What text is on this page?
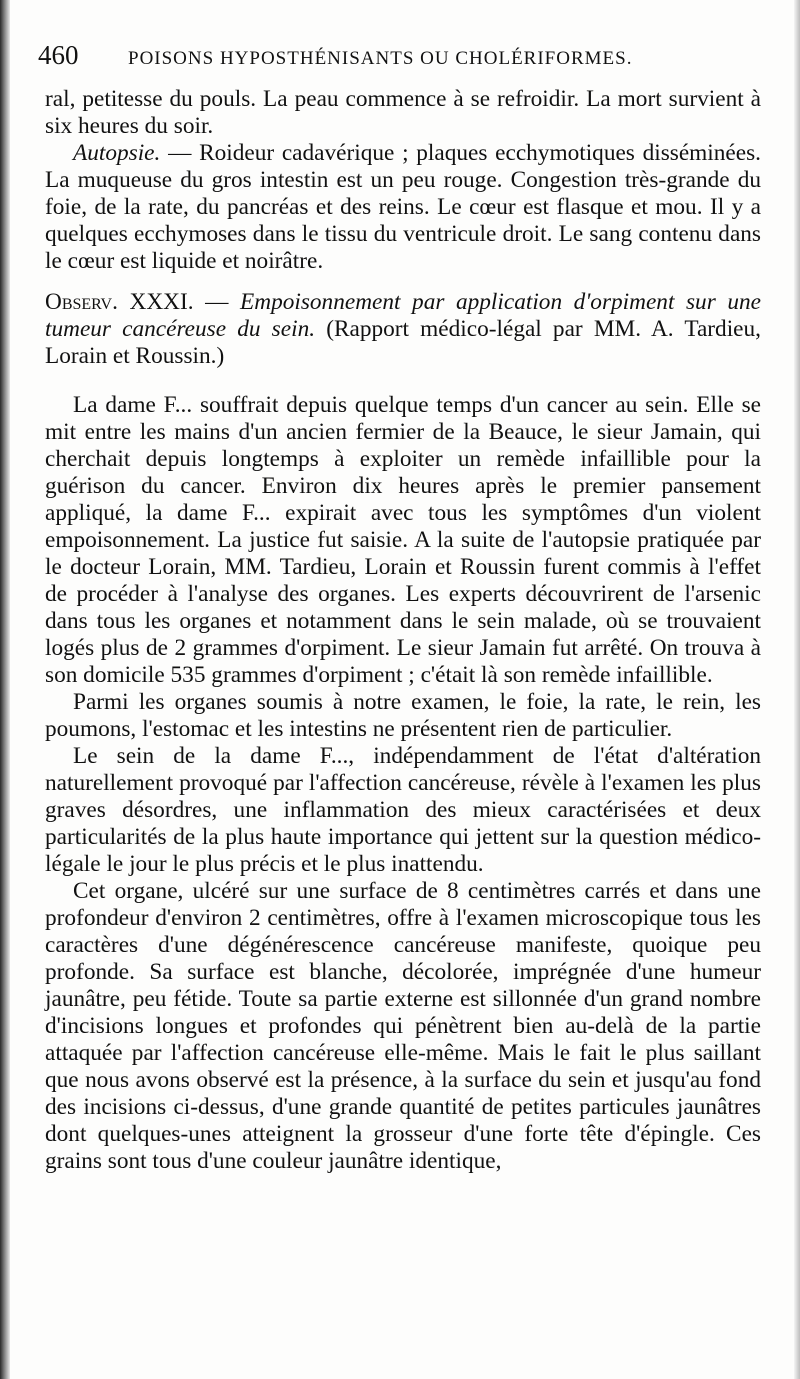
460	POISONS HYPOSTHÉNISANTS OU CHOLÉRIFORMES.

ral, petitesse du pouls. La peau commence à se refroidir. La mort survient à six heures du soir.

Autopsie. — Roideur cadavérique ; plaques ecchymotiques disséminées. La muqueuse du gros intestin est un peu rouge. Congestion très-grande du foie, de la rate, du pancréas et des reins. Le cœur est flasque et mou. Il y a quelques ecchymoses dans le tissu du ventricule droit. Le sang contenu dans le cœur est liquide et noirâtre.

Observ. XXXI. — Empoisonnement par application d'orpiment sur une tumeur cancéreuse du sein. (Rapport médico-légal par MM. A. Tardieu, Lorain et Roussin.)

La dame F... souffrait depuis quelque temps d'un cancer au sein. Elle se mit entre les mains d'un ancien fermier de la Beauce, le sieur Jamain, qui cherchait depuis longtemps à exploiter un remède infaillible pour la guérison du cancer. Environ dix heures après le premier pansement appliqué, la dame F... expirait avec tous les symptômes d'un violent empoisonnement. La justice fut saisie. A la suite de l'autopsie pratiquée par le docteur Lorain, MM. Tardieu, Lorain et Roussin furent commis à l'effet de procéder à l'analyse des organes. Les experts découvrirent de l'arsenic dans tous les organes et notamment dans le sein malade, où se trouvaient logés plus de 2 grammes d'orpiment. Le sieur Jamain fut arrêté. On trouva à son domicile 535 grammes d'orpiment ; c'était là son remède infaillible.

Parmi les organes soumis à notre examen, le foie, la rate, le rein, les poumons, l'estomac et les intestins ne présentent rien de particulier.

Le sein de la dame F..., indépendamment de l'état d'altération naturellement provoqué par l'affection cancéreuse, révèle à l'examen les plus graves désordres, une inflammation des mieux caractérisées et deux particularités de la plus haute importance qui jettent sur la question médico-légale le jour le plus précis et le plus inattendu.

Cet organe, ulcéré sur une surface de 8 centimètres carrés et dans une profondeur d'environ 2 centimètres, offre à l'examen microscopique tous les caractères d'une dégénérescence cancéreuse manifeste, quoique peu profonde. Sa surface est blanche, décolorée, imprégnée d'une humeur jaunâtre, peu fétide. Toute sa partie externe est sillonnée d'un grand nombre d'incisions longues et profondes qui pénètrent bien au-delà de la partie attaquée par l'affection cancéreuse elle-même. Mais le fait le plus saillant que nous avons observé est la présence, à la surface du sein et jusqu'au fond des incisions ci-dessus, d'une grande quantité de petites particules jaunâtres dont quelques-unes atteignent la grosseur d'une forte tête d'épingle. Ces grains sont tous d'une couleur jaunâtre identique,
